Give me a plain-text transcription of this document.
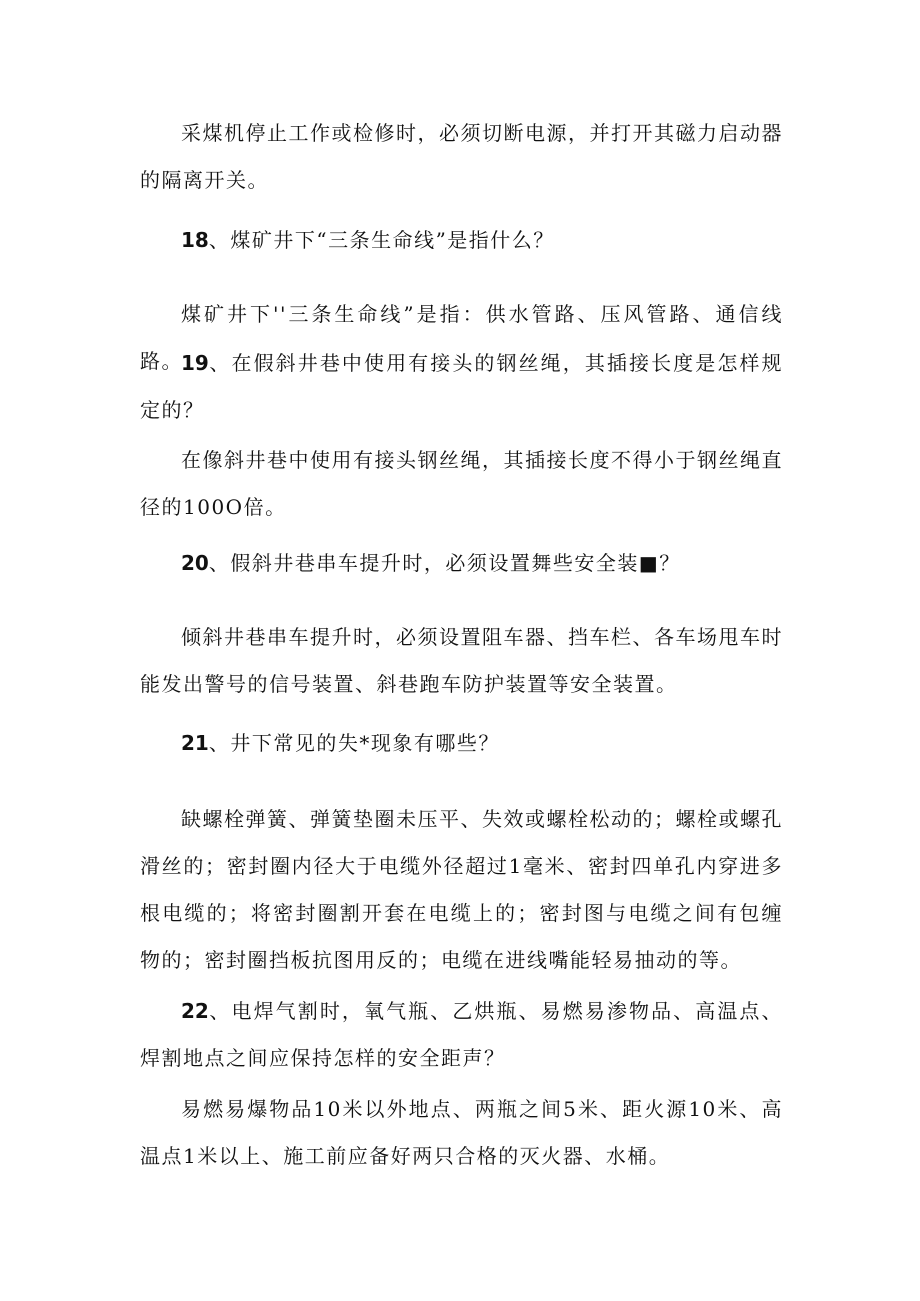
采煤机停止工作或检修时，必须切断电源，并打开其磁力启动器的隔离开关。

18、煤矿井下“三条生命线”是指什么？

煤矿井下''三条生命线”是指：供水管路、压风管路、通信线路。

19、在假斜井巷中使用有接头的钢丝绳，其插接长度是怎样规定的？

在像斜井巷中使用有接头钢丝绳，其插接长度不得小于钢丝绳直径的100O倍。

20、假斜井巷串车提升时，必须设置舞些安全装■？

倾斜井巷串车提升时，必须设置阻车器、挡车栏、各车场甩车时能发出警号的信号装置、斜巷跑车防护装置等安全装置。

21、井下常见的失*现象有哪些？

缺螺栓弹簧、弹簧垫圈未压平、失效或螺栓松动的；螺栓或螺孔滑丝的；密封圈内径大于电缆外径超过1毫米、密封四单孔内穿进多根电缆的；将密封圈割开套在电缆上的；密封图与电缆之间有包缠物的；密封圈挡板抗图用反的；电缆在进线嘴能轻易抽动的等。

22、电焊气割时，氧气瓶、乙烘瓶、易燃易渗物品、高温点、焊割地点之间应保持怎样的安全距声？

易燃易爆物品10米以外地点、两瓶之间5米、距火源10米、高温点1米以上、施工前应备好两只合格的灭火器、水桶。
